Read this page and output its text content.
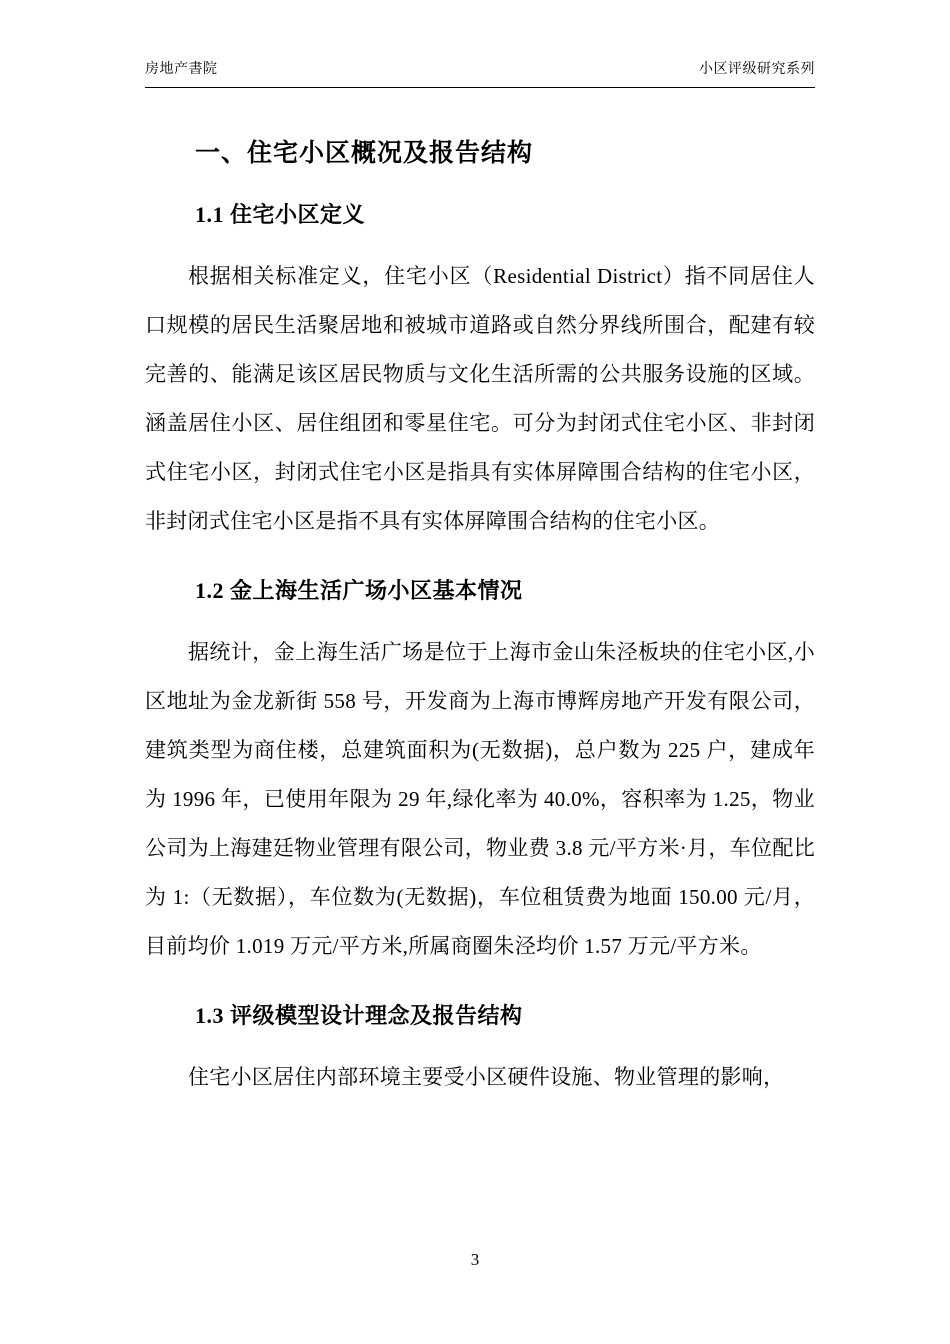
房地产書院	小区评级研究系列
一、住宅小区概况及报告结构
1.1 住宅小区定义

根据相关标准定义，住宅小区（Residential District）指不同居住人口规模的居民生活聚居地和被城市道路或自然分界线所围合，配建有较完善的、能满足该区居民物质与文化生活所需的公共服务设施的区域。涵盖居住小区、居住组团和零星住宅。可分为封闭式住宅小区、非封闭式住宅小区，封闭式住宅小区是指具有实体屏障围合结构的住宅小区，非封闭式住宅小区是指不具有实体屏障围合结构的住宅小区。

1.2 金上海生活广场小区基本情况

据统计，金上海生活广场是位于上海市金山朱泾板块的住宅小区,小区地址为金龙新街 558 号，开发商为上海市博辉房地产开发有限公司，建筑类型为商住楼，总建筑面积为(无数据)，总户数为 225 户，建成年为 1996 年，已使用年限为 29 年,绿化率为 40.0%，容积率为 1.25，物业公司为上海建廷物业管理有限公司，物业费 3.8 元/平方米·月，车位配比为 1:（无数据），车位数为(无数据)，车位租赁费为地面 150.00 元/月，目前均价 1.019 万元/平方米,所属商圈朱泾均价 1.57 万元/平方米。

1.3 评级模型设计理念及报告结构

住宅小区居住内部环境主要受小区硬件设施、物业管理的影响，

3
